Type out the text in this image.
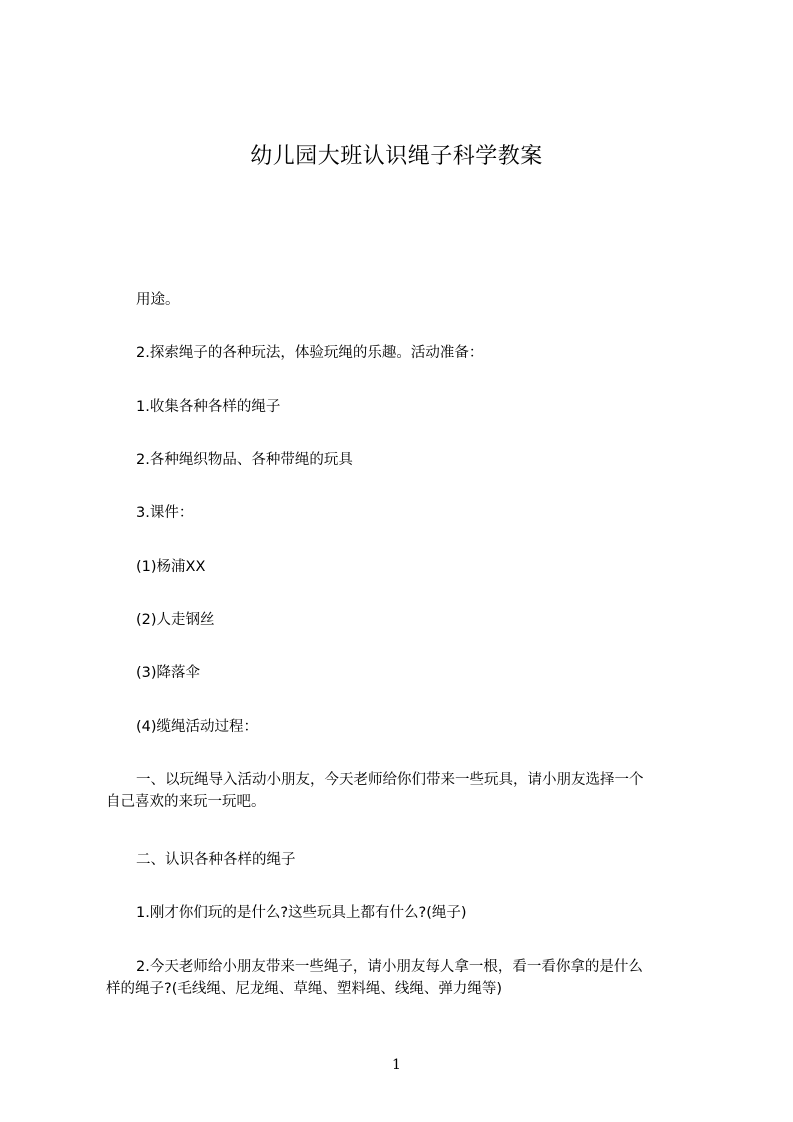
幼儿园大班认识绳子科学教案
用途。
2.探索绳子的各种玩法，体验玩绳的乐趣。活动准备：
1.收集各种各样的绳子
2.各种绳织物品、各种带绳的玩具
3.课件：
(1)杨浦XX
(2)人走钢丝
(3)降落伞
(4)缆绳活动过程：
一、以玩绳导入活动小朋友，今天老师给你们带来一些玩具，请小朋友选择一个
自己喜欢的来玩一玩吧。
二、认识各种各样的绳子
1.刚才你们玩的是什么?这些玩具上都有什么?(绳子)
2.今天老师给小朋友带来一些绳子，请小朋友每人拿一根，看一看你拿的是什么
样的绳子?(毛线绳、尼龙绳、草绳、塑料绳、线绳、弹力绳等)
1
